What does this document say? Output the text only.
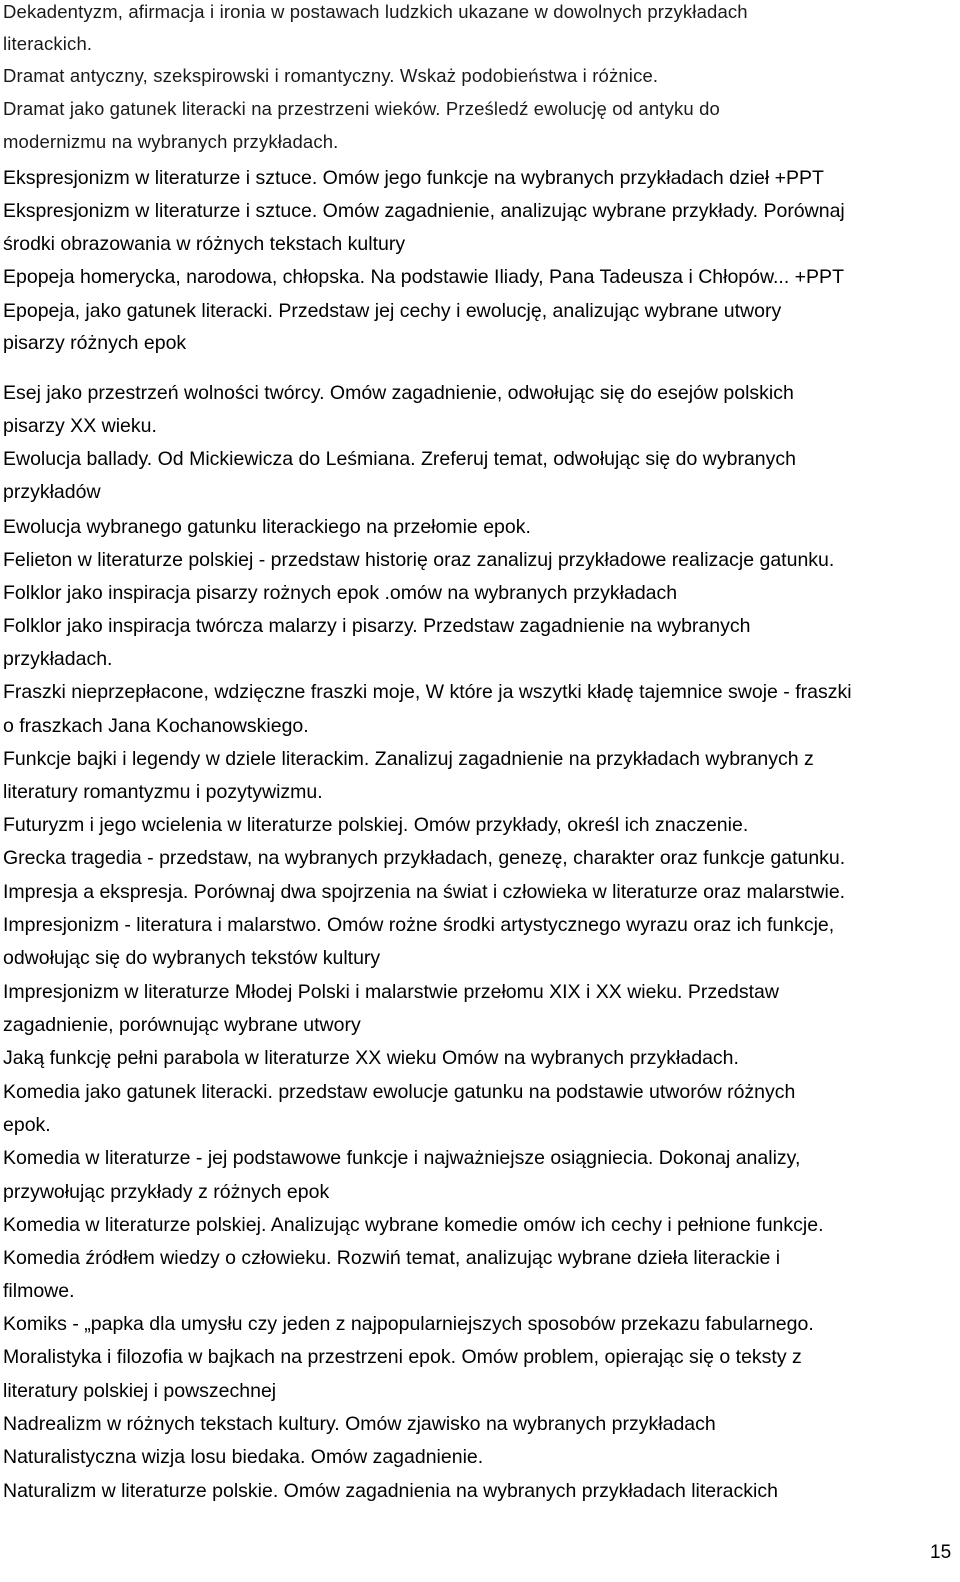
Dekadentyzm, afirmacja i ironia w postawach ludzkich ukazane w dowolnych przykładach
literackich.
Dramat antyczny, szekspirowski i romantyczny. Wskaż podobieństwa i różnice.
Dramat jako gatunek literacki na przestrzeni wieków. Prześledź ewolucję od antyku do
modernizmu na wybranych przykładach.
Ekspresjonizm w literaturze i sztuce. Omów jego funkcje na wybranych przykładach dzieł +PPT
Ekspresjonizm w literaturze i sztuce. Omów zagadnienie, analizując wybrane przykłady. Porównaj
środki obrazowania w różnych tekstach kultury
Epopeja homerycka, narodowa, chłopska. Na podstawie Iliady, Pana Tadeusza i Chłopów... +PPT
Epopeja, jako gatunek literacki. Przedstaw jej cechy i ewolucję, analizując wybrane utwory
pisarzy różnych epok
Esej jako przestrzeń wolności twórcy. Omów zagadnienie, odwołując się do esejów polskich
pisarzy XX wieku.
Ewolucja ballady. Od Mickiewicza do Leśmiana. Zreferuj temat, odwołując się do wybranych
przykładów
Ewolucja wybranego gatunku literackiego na przełomie epok.
Felieton w literaturze polskiej - przedstaw historię oraz zanalizuj przykładowe realizacje gatunku.
Folklor jako inspiracja pisarzy rożnych epok .omów na wybranych przykładach
Folklor jako inspiracja twórcza malarzy i pisarzy. Przedstaw zagadnienie na wybranych
przykładach.
Fraszki nieprzepłacone, wdzięczne fraszki moje, W które ja wszytki kładę tajemnice swoje - fraszki
o fraszkach Jana Kochanowskiego.
Funkcje bajki i legendy w dziele literackim. Zanalizuj zagadnienie na przykładach wybranych z
literatury romantyzmu i pozytywizmu.
Futuryzm i jego wcielenia w literaturze polskiej. Omów przykłady, określ ich znaczenie.
Grecka tragedia - przedstaw, na wybranych przykładach, genezę, charakter oraz funkcje gatunku.
Impresja a ekspresja. Porównaj dwa spojrzenia na świat i człowieka w literaturze oraz malarstwie.
Impresjonizm - literatura i malarstwo. Omów rożne środki artystycznego wyrazu oraz ich funkcje,
odwołując się do wybranych tekstów kultury
Impresjonizm w literaturze Młodej Polski i malarstwie przełomu XIX i XX wieku. Przedstaw
zagadnienie, porównując wybrane utwory
Jaką funkcję pełni parabola w literaturze XX wieku Omów na wybranych przykładach.
Komedia jako gatunek literacki. przedstaw ewolucje gatunku na podstawie utworów różnych
epok.
Komedia w literaturze - jej podstawowe funkcje i najważniejsze osiągniecia. Dokonaj analizy,
przywołując przykłady z różnych epok
Komedia w literaturze polskiej. Analizując wybrane komedie omów ich cechy i pełnione funkcje.
Komedia źródłem wiedzy o człowieku. Rozwiń temat, analizując wybrane dzieła literackie i
filmowe.
Komiks - „papka dla umysłu czy jeden z najpopularniejszych sposobów przekazu fabularnego.
Moralistyka i filozofia w bajkach na przestrzeni epok. Omów problem, opierając się o teksty z
literatury polskiej i powszechnej
Nadrealizm w różnych tekstach kultury. Omów zjawisko na wybranych przykładach
Naturalistyczna wizja losu biedaka. Omów zagadnienie.
Naturalizm w literaturze polskie. Omów zagadnienia na wybranych przykładach literackich
15
